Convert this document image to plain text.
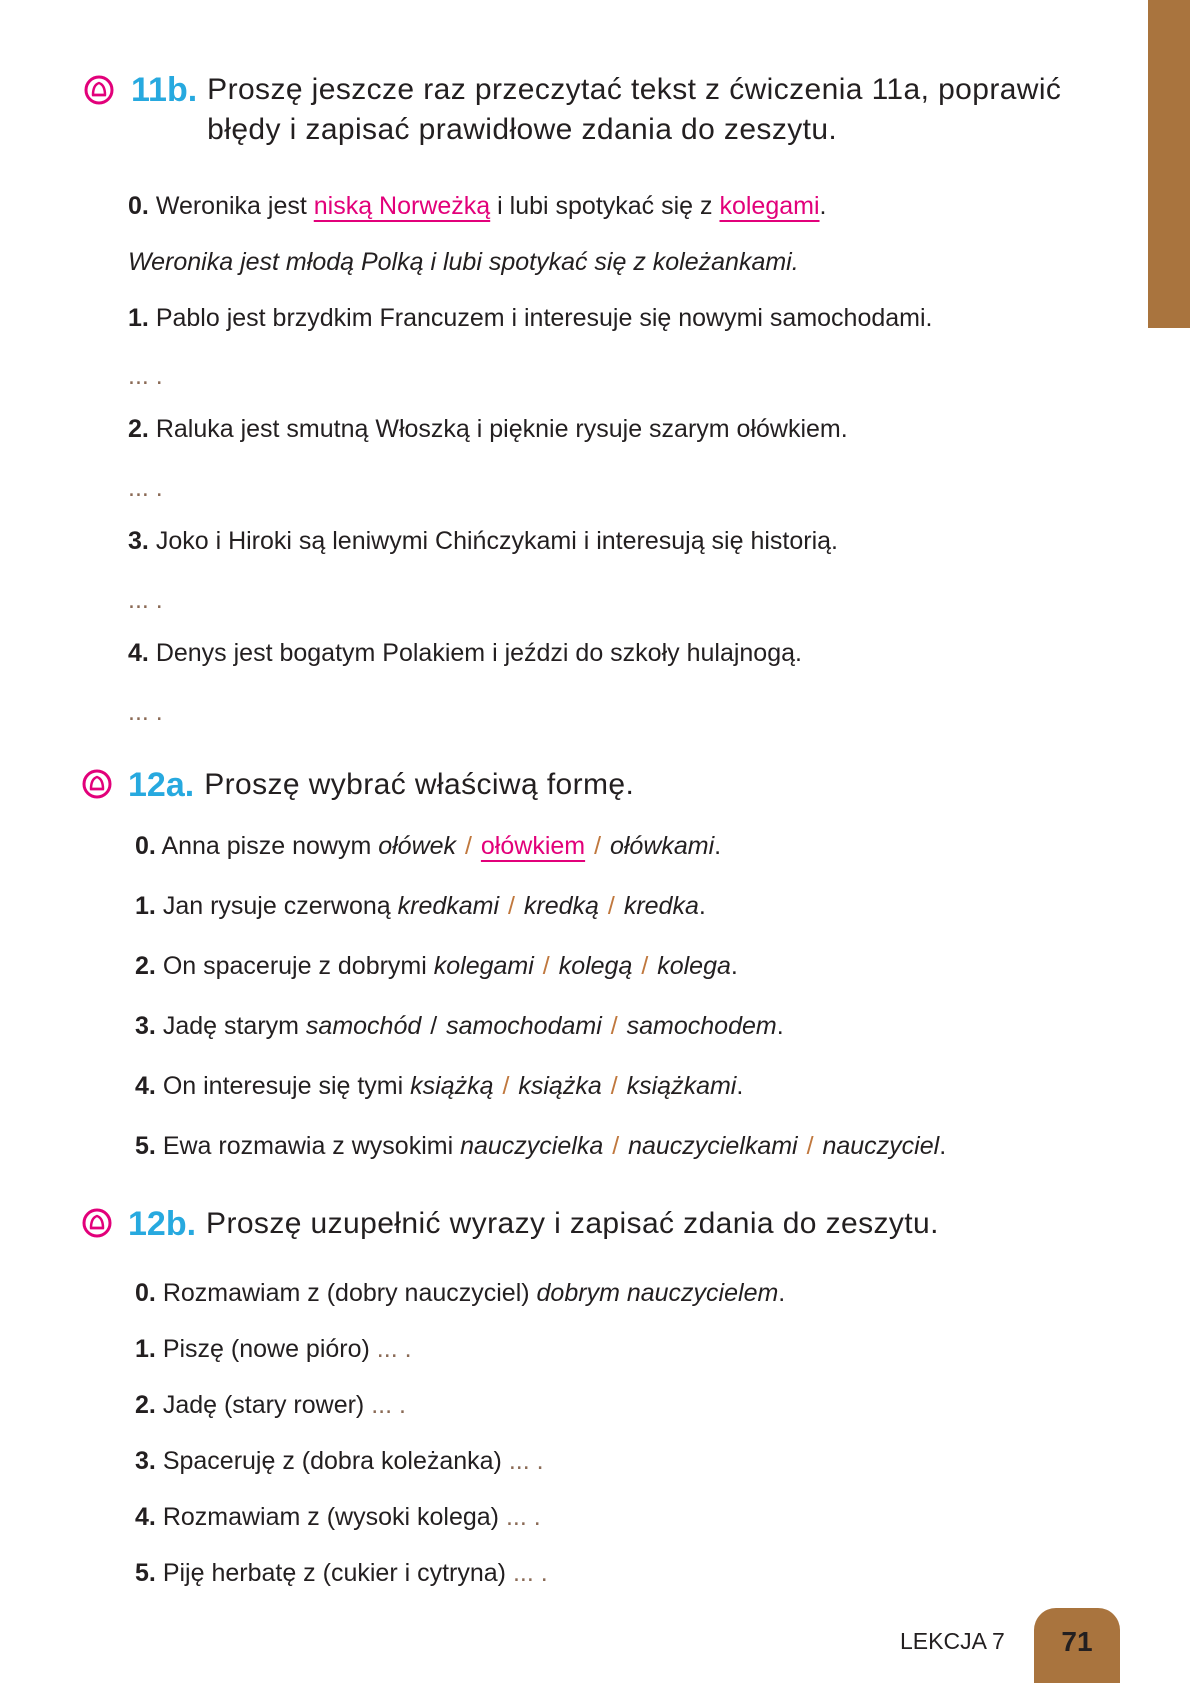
11b. Proszę jeszcze raz przeczytać tekst z ćwiczenia 11a, poprawić
błędy i zapisać prawidłowe zdania do zeszytu.
0. Weronika jest niską Norweżką i lubi spotykać się z kolegami.
Weronika jest młodą Polką i lubi spotykać się z koleżankami.
1. Pablo jest brzydkim Francuzem i interesuje się nowymi samochodami.
... .
2. Raluka jest smutną Włoszką i pięknie rysuje szarym ołówkiem.
... .
3. Joko i Hiroki są leniwymi Chińczykami i interesują się historią.
... .
4. Denys jest bogatym Polakiem i jeździ do szkoły hulajnogą.
... .
12a. Proszę wybrać właściwą formę.
0. Anna pisze nowym ołówek / ołówkiem / ołówkami.
1. Jan rysuje czerwoną kredkami / kredką / kredka.
2. On spaceruje z dobrymi kolegami / kolegą / kolega.
3. Jadę starym samochód / samochodami / samochodem.
4. On interesuje się tymi książką / książka / książkami.
5. Ewa rozmawia z wysokimi nauczycielka / nauczycielkami / nauczyciel.
12b. Proszę uzupełnić wyrazy i zapisać zdania do zeszytu.
0. Rozmawiam z (dobry nauczyciel) dobrym nauczycielem.
1. Piszę (nowe pióro) ... .
2. Jadę (stary rower) ... .
3. Spaceruję z (dobra koleżanka) ... .
4. Rozmawiam z (wysoki kolega) ... .
5. Piję herbatę z (cukier i cytryna) ... .
LEKCJA 7	71
